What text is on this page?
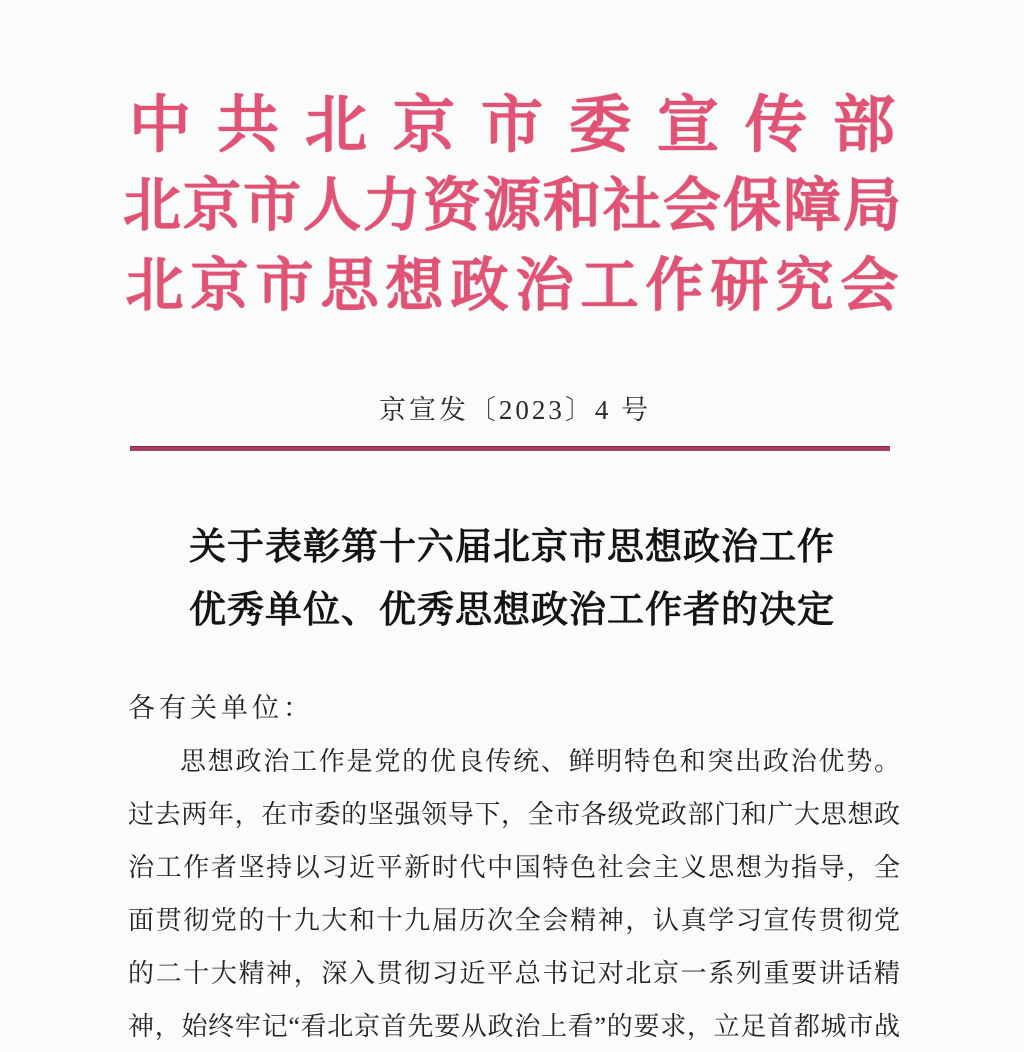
中共北京市委宣传部
北京市人力资源和社会保障局
北京市思想政治工作研究会
京宣发〔2023〕4 号
关于表彰第十六届北京市思想政治工作
优秀单位、优秀思想政治工作者的决定
各有关单位：
思想政治工作是党的优良传统、鲜明特色和突出政治优势。
过去两年，在市委的坚强领导下，全市各级党政部门和广大思想政
治工作者坚持以习近平新时代中国特色社会主义思想为指导，全
面贯彻党的十九大和十九届历次全会精神，认真学习宣传贯彻党
的二十大精神，深入贯彻习近平总书记对北京一系列重要讲话精
神，始终牢记“看北京首先要从政治上看”的要求，立足首都城市战
